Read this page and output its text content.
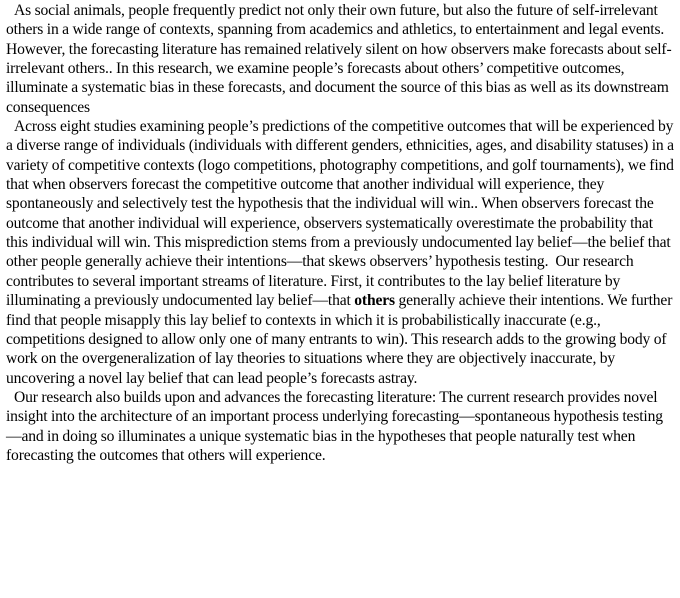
As social animals, people frequently predict not only their own future, but also the future of self-irrelevant others in a wide range of contexts, spanning from academics and athletics, to entertainment and legal events. However, the forecasting literature has remained relatively silent on how observers make forecasts about self-irrelevant others.. In this research, we examine people’s forecasts about others’ competitive outcomes, illuminate a systematic bias in these forecasts, and document the source of this bias as well as its downstream consequences

Across eight studies examining people’s predictions of the competitive outcomes that will be experienced by a diverse range of individuals (individuals with different genders, ethnicities, ages, and disability statuses) in a variety of competitive contexts (logo competitions, photography competitions, and golf tournaments), we find that when observers forecast the competitive outcome that another individual will experience, they spontaneously and selectively test the hypothesis that the individual will win.. When observers forecast the outcome that another individual will experience, observers systematically overestimate the probability that this individual will win. This misprediction stems from a previously undocumented lay belief—the belief that other people generally achieve their intentions—that skews observers’ hypothesis testing.  Our research contributes to several important streams of literature. First, it contributes to the lay belief literature by illuminating a previously undocumented lay belief—that others generally achieve their intentions. We further find that people misapply this lay belief to contexts in which it is probabilistically inaccurate (e.g., competitions designed to allow only one of many entrants to win). This research adds to the growing body of work on the overgeneralization of lay theories to situations where they are objectively inaccurate, by uncovering a novel lay belief that can lead people’s forecasts astray.

Our research also builds upon and advances the forecasting literature: The current research provides novel insight into the architecture of an important process underlying forecasting—spontaneous hypothesis testing—and in doing so illuminates a unique systematic bias in the hypotheses that people naturally test when forecasting the outcomes that others will experience.
